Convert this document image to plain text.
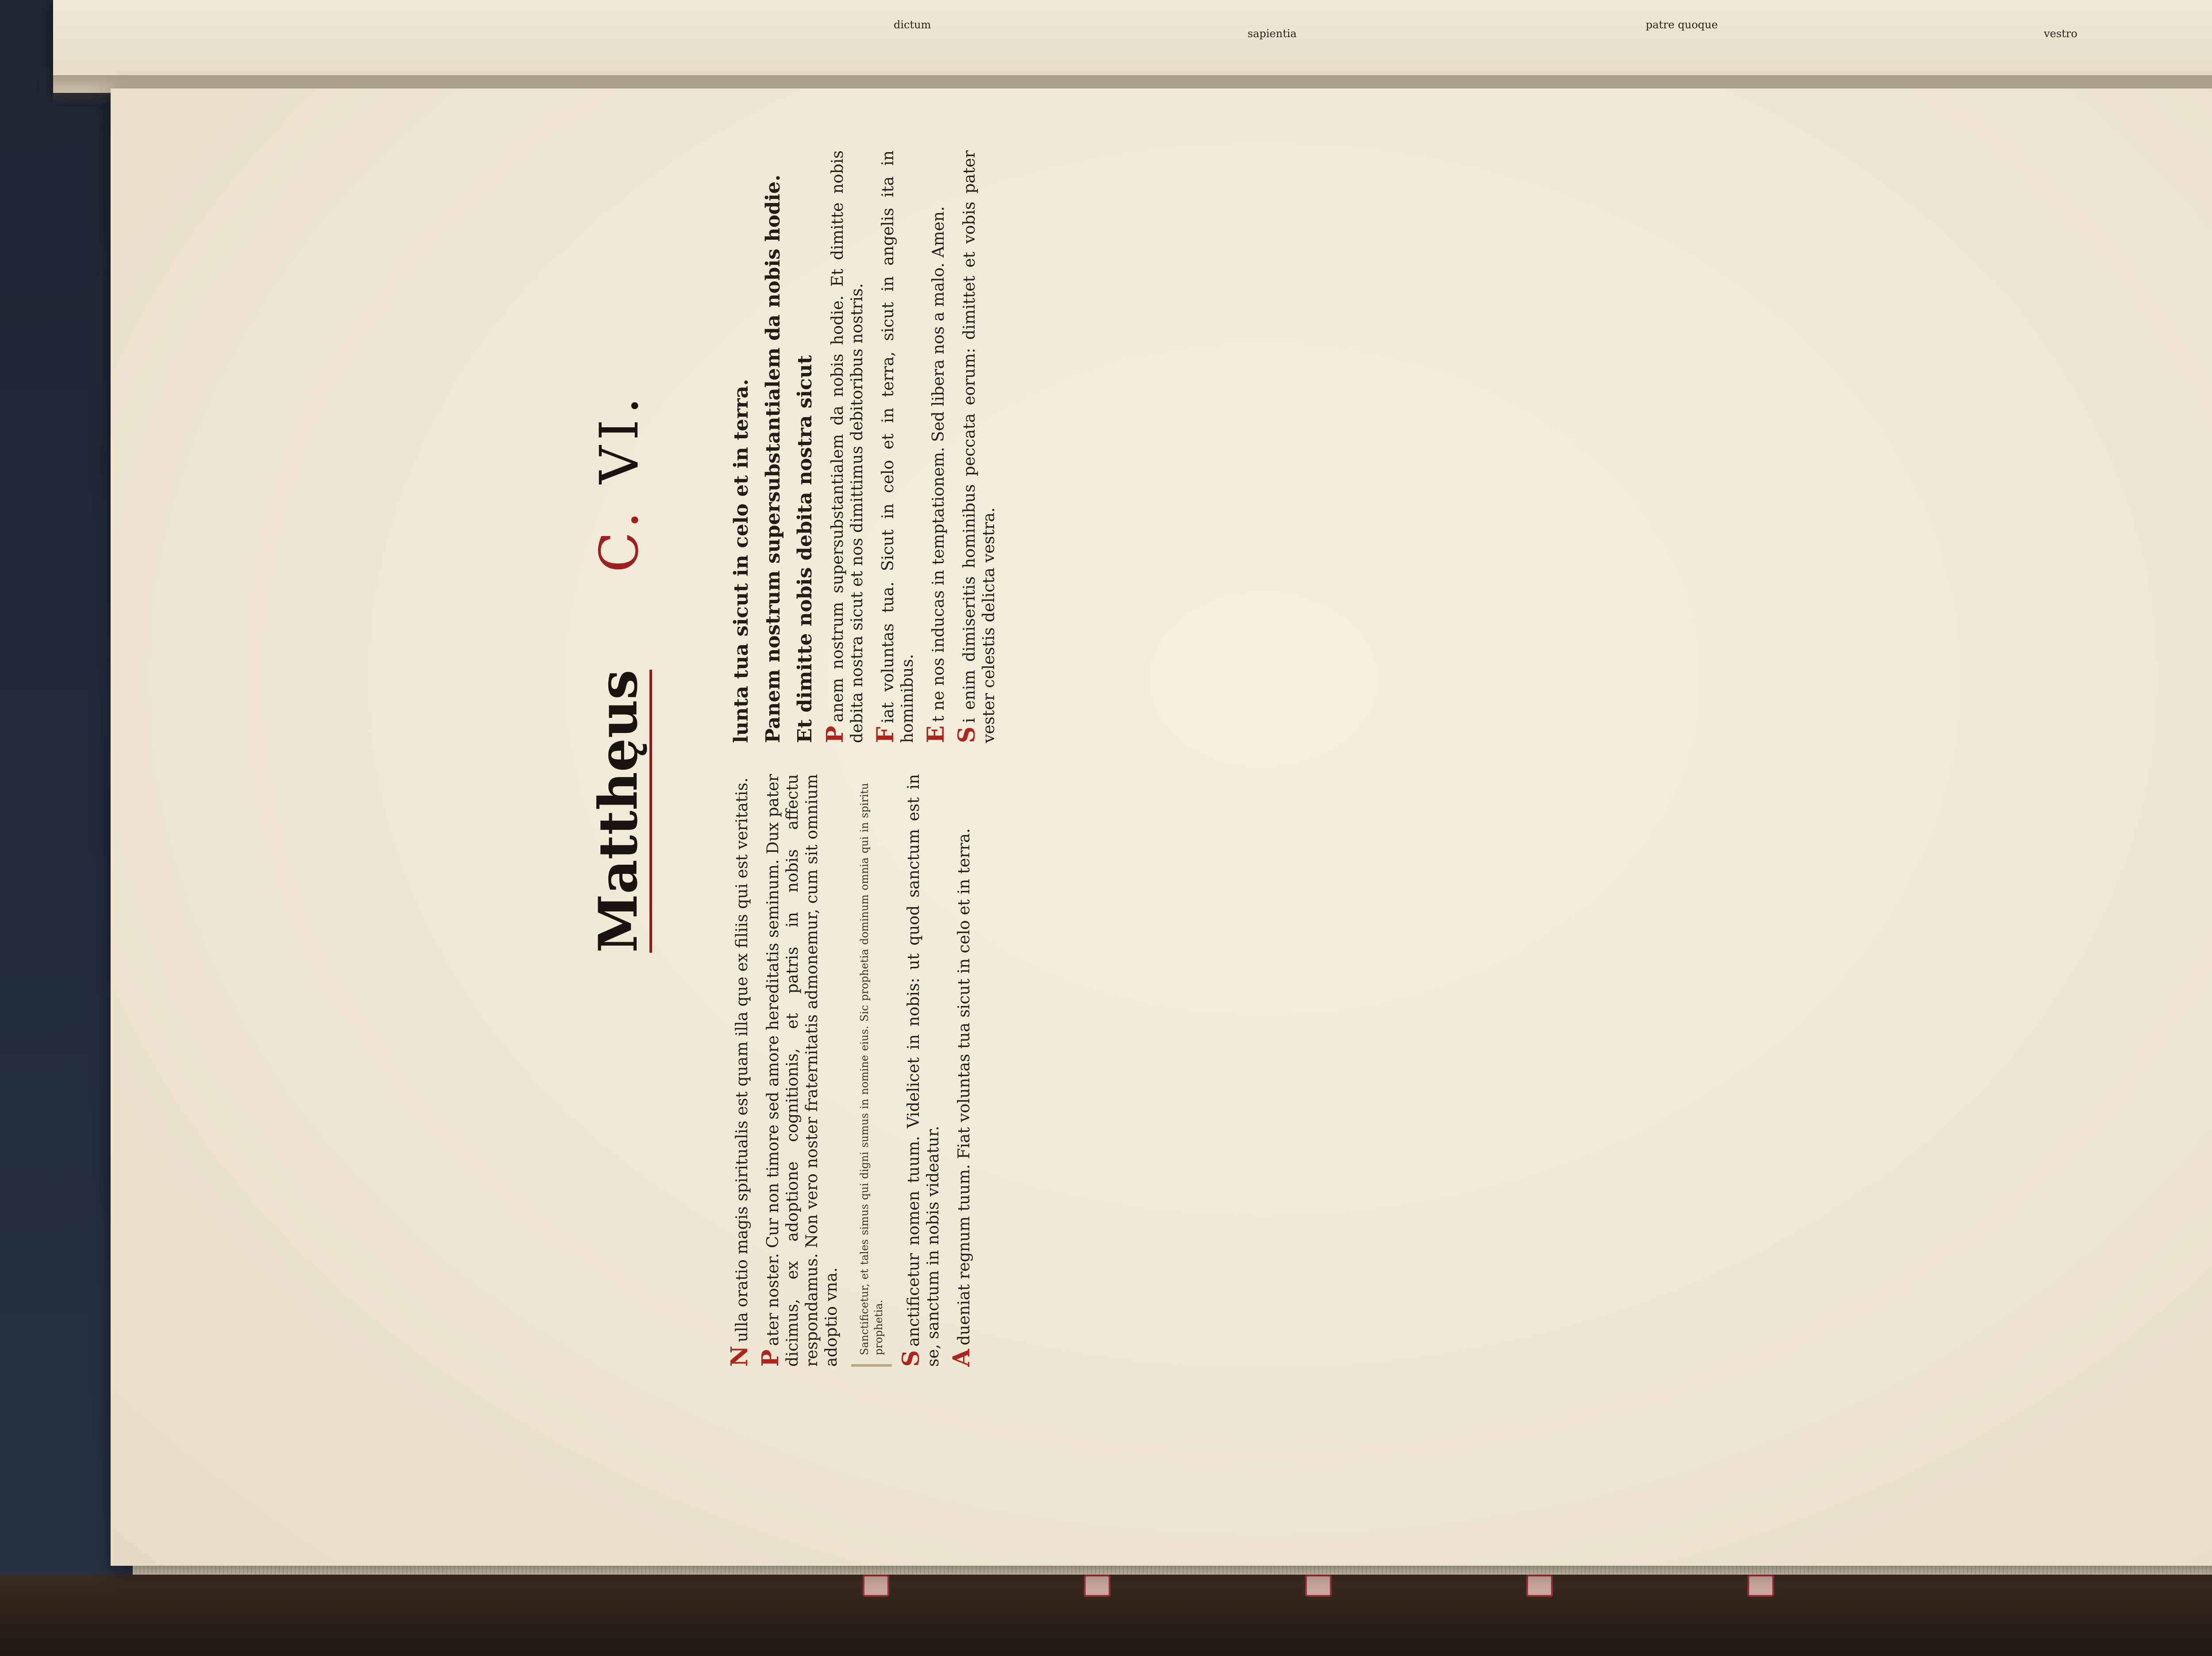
dictum
sapientia
patre quoque
vestro
Matthęus
C. VI.
Nulla oratio magis spiritualis est quam illa que ex filiis qui est veritatis.
Pater noster. Cur non timore sed amore hereditatis seminum. Dux pater dicimus, ex adoptione cognitionis, et patris in nobis affectu respondamus. Non vero noster fraternitatis admonemur, cum sit omnium adoptio vna.	Sanctificetur, et tales simus qui digni sumus in nomine eius. Sic prophetia dominum omnia qui in spiritu prophetia.
Sanctificetur nomen tuum. Videlicet in nobis: ut quod sanctum est in se, sanctum in nobis videatur. Adueniat regnum tuum. Fiat voluntas tua sicut in celo et in terra.
lunta tua sicut in celo et in terra. Panem nostrum supersubstantialem da nobis hodie. Et dimitte nobis debita nostra sicut Panem nostrum supersubstantialem da nobis hodie. Et dimitte nobis debita nostra sicut et nos dimittimus debitoribus nostris. Fiat voluntas tua. Sicut in celo et in terra, sicut in angelis ita in hominibus. Et ne nos inducas in temptationem. Sed libera nos a malo. Amen.
Si enim dimiseritis hominibus peccata eorum: dimittet et vobis pater vester celestis delicta vestra.
